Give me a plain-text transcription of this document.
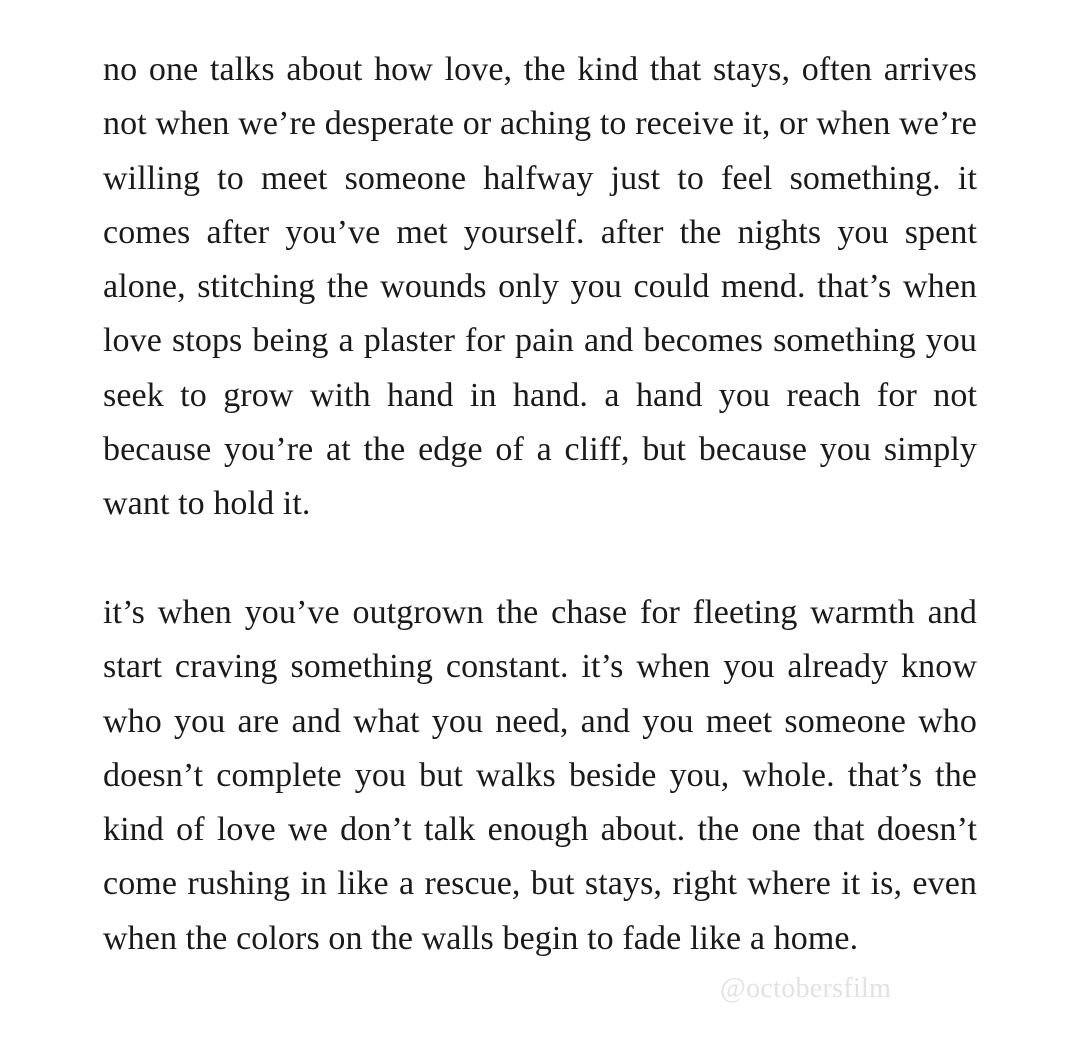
no one talks about how love, the kind that stays, often arrives not when we’re desperate or aching to receive it, or when we’re willing to meet someone halfway just to feel something. it comes after you’ve met yourself. after the nights you spent alone, stitching the wounds only you could mend. that’s when love stops being a plaster for pain and becomes something you seek to grow with hand in hand. a hand you reach for not because you’re at the edge of a cliff, but because you simply want to hold it.

it’s when you’ve outgrown the chase for fleeting warmth and start craving something constant. it’s when you already know who you are and what you need, and you meet someone who doesn’t complete you but walks beside you, whole. that’s the kind of love we don’t talk enough about. the one that doesn’t come rushing in like a rescue, but stays, right where it is, even when the colors on the walls begin to fade like a home.

@octobersfilm
